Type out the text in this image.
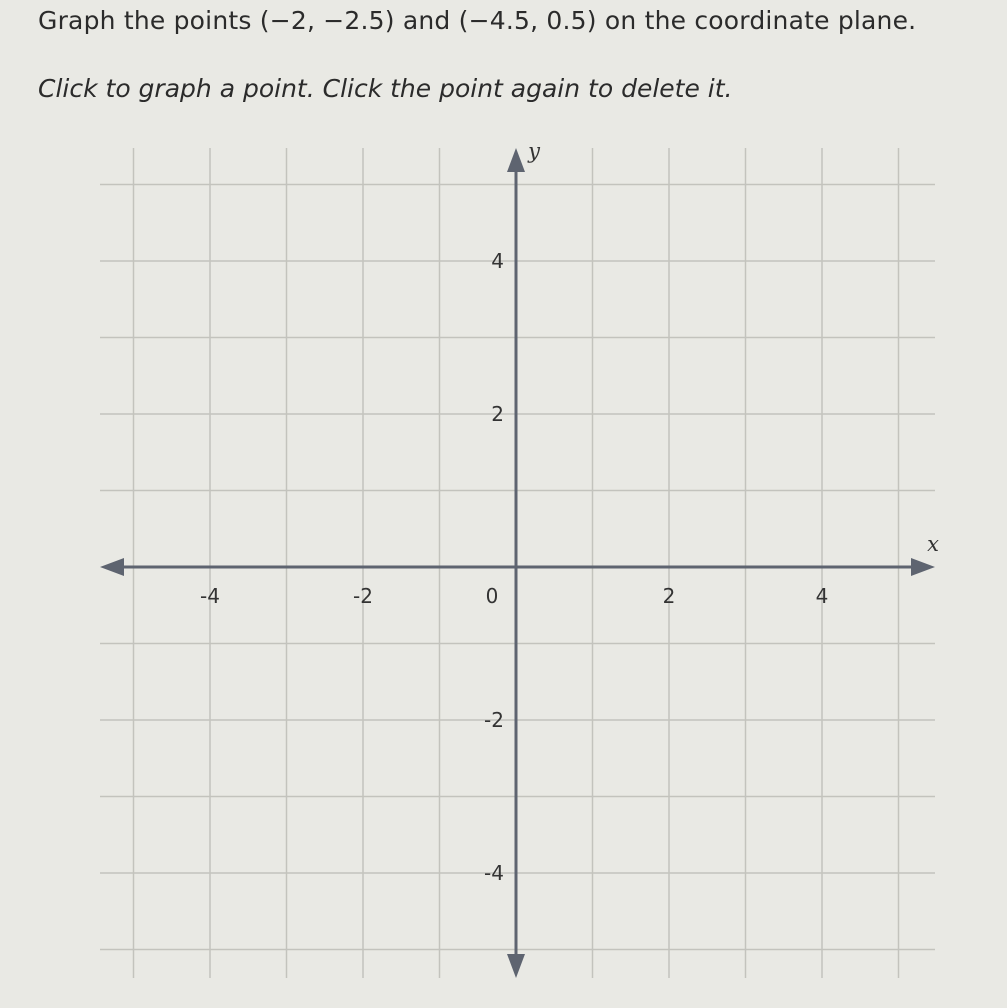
Graph the points (−2, −2.5) and (−4.5, 0.5) on the coordinate plane.
Click to graph a point. Click the point again to delete it.
x
y
-4	-2	0	2	4
4
2
-2
-4
